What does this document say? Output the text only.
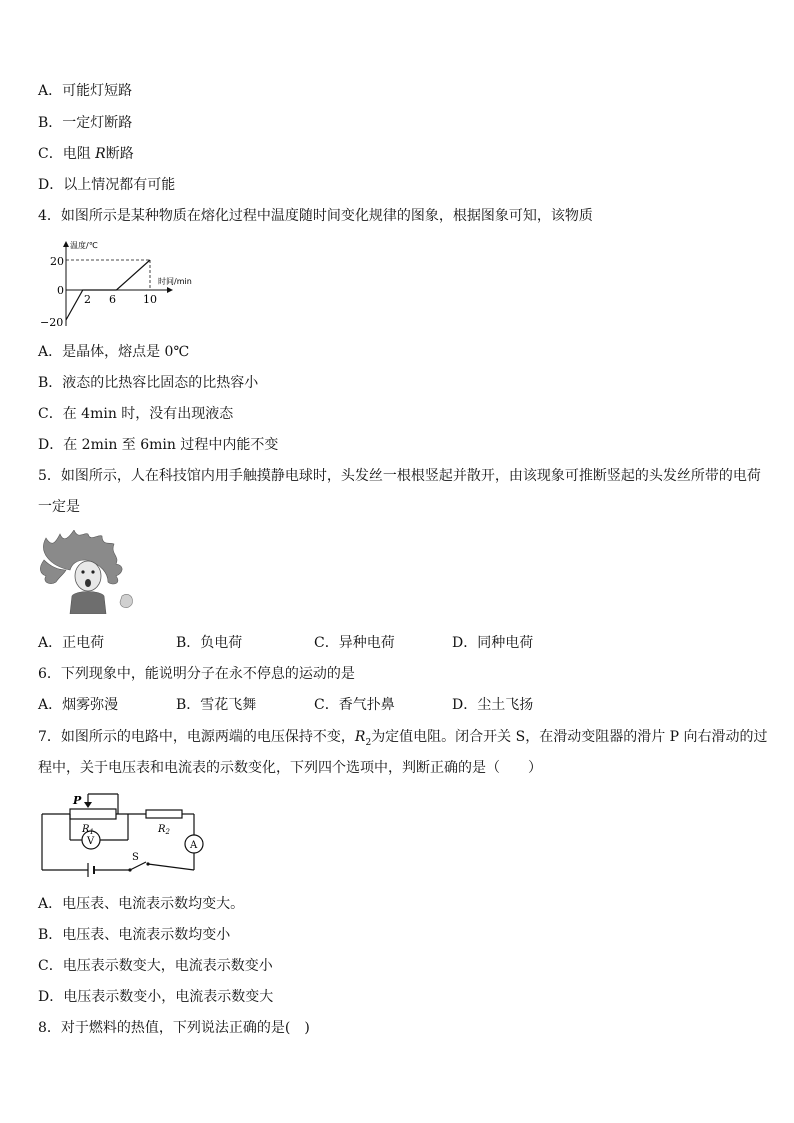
A．可能灯短路
B．一定灯断路
C．电阻 R断路
D．以上情况都有可能
4．如图所示是某种物质在熔化过程中温度随时间变化规律的图象，根据图象可知，该物质
温度/℃
时间/min
20
0
−20
2 6 10
A．是晶体，熔点是 0℃
B．液态的比热容比固态的比热容小
C．在 4min 时，没有出现液态
D．在 2min 至 6min 过程中内能不变
5．如图所示，人在科技馆内用手触摸静电球时，头发丝一根根竖起并散开，由该现象可推断竖起的头发丝所带的电荷
一定是
A．正电荷	B．负电荷	C．异种电荷	D．同种电荷
6．下列现象中，能说明分子在永不停息的运动的是
A．烟雾弥漫	B．雪花飞舞	C．香气扑鼻	D．尘土飞扬
7．如图所示的电路中，电源两端的电压保持不变，$R_2$为定值电阻。闭合开关 S，在滑动变阻器的滑片 P 向右滑动的过
程中，关于电压表和电流表的示数变化，下列四个选项中，判断正确的是（　　）
P
$R_1$	$R_2$
V	A
S
A．电压表、电流表示数均变大。
B．电压表、电流表示数均变小
C．电压表示数变大，电流表示数变小
D．电压表示数变小，电流表示数变大
8．对于燃料的热值，下列说法正确的是(　)
